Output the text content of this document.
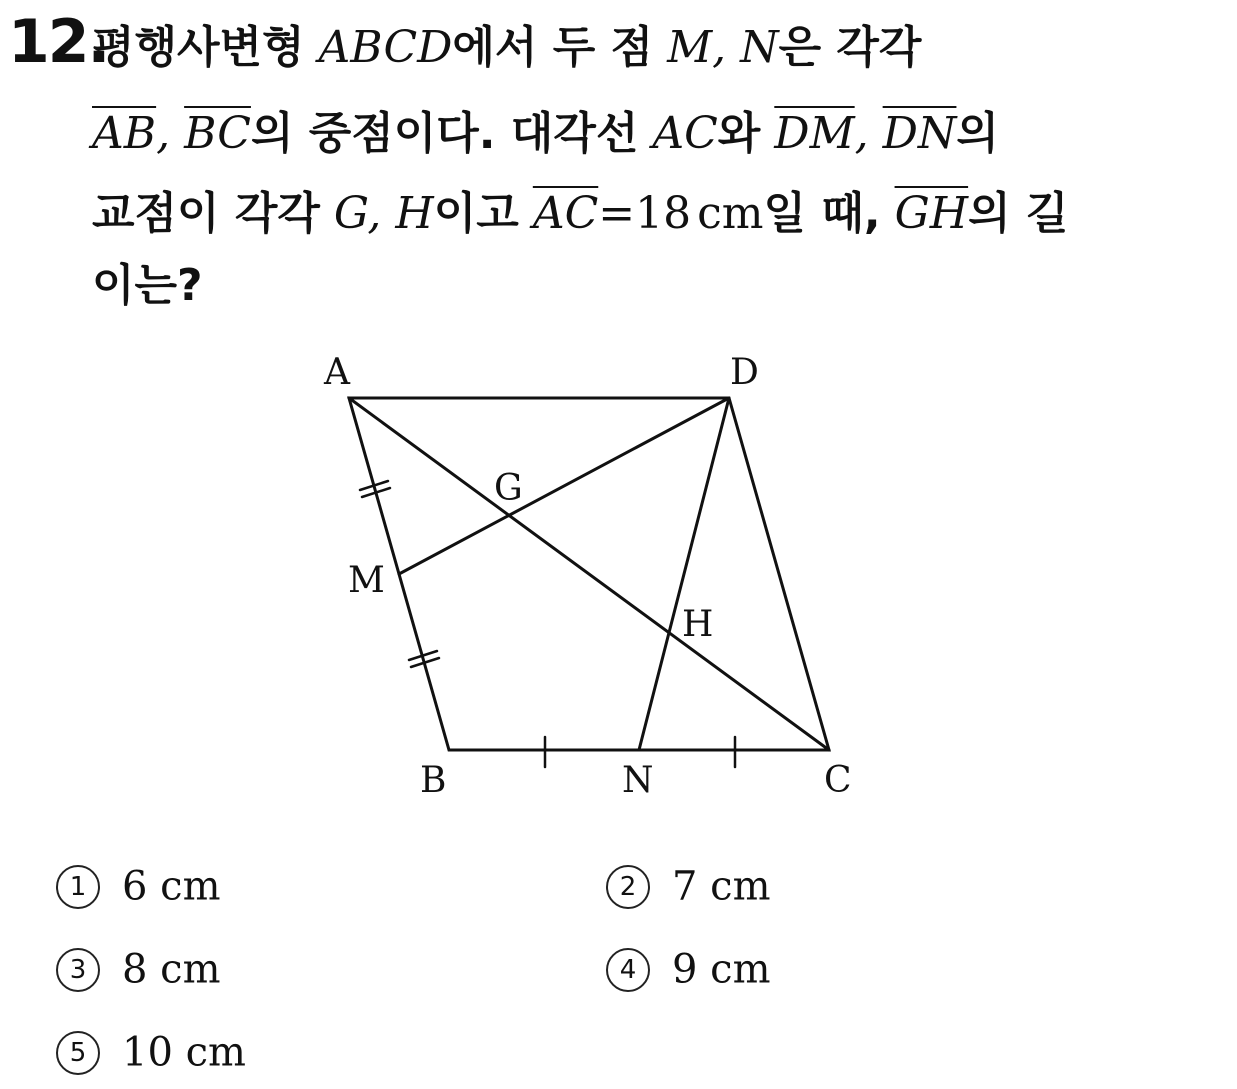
12.
평행사변형 ABCD에서 두 점 M, N은 각각
$\overline{AB}$, $\overline{BC}$의 중점이다. 대각선 AC와 $\overline{DM}$, $\overline{DN}$의
교점이 각각 G, H이고 $\overline{AC}=18$ cm일 때, $\overline{GH}$의 길
이는?
A	D
G
M
H
B	N	C
1 6 cm	2 7 cm
3 8 cm	4 9 cm
5 10 cm
